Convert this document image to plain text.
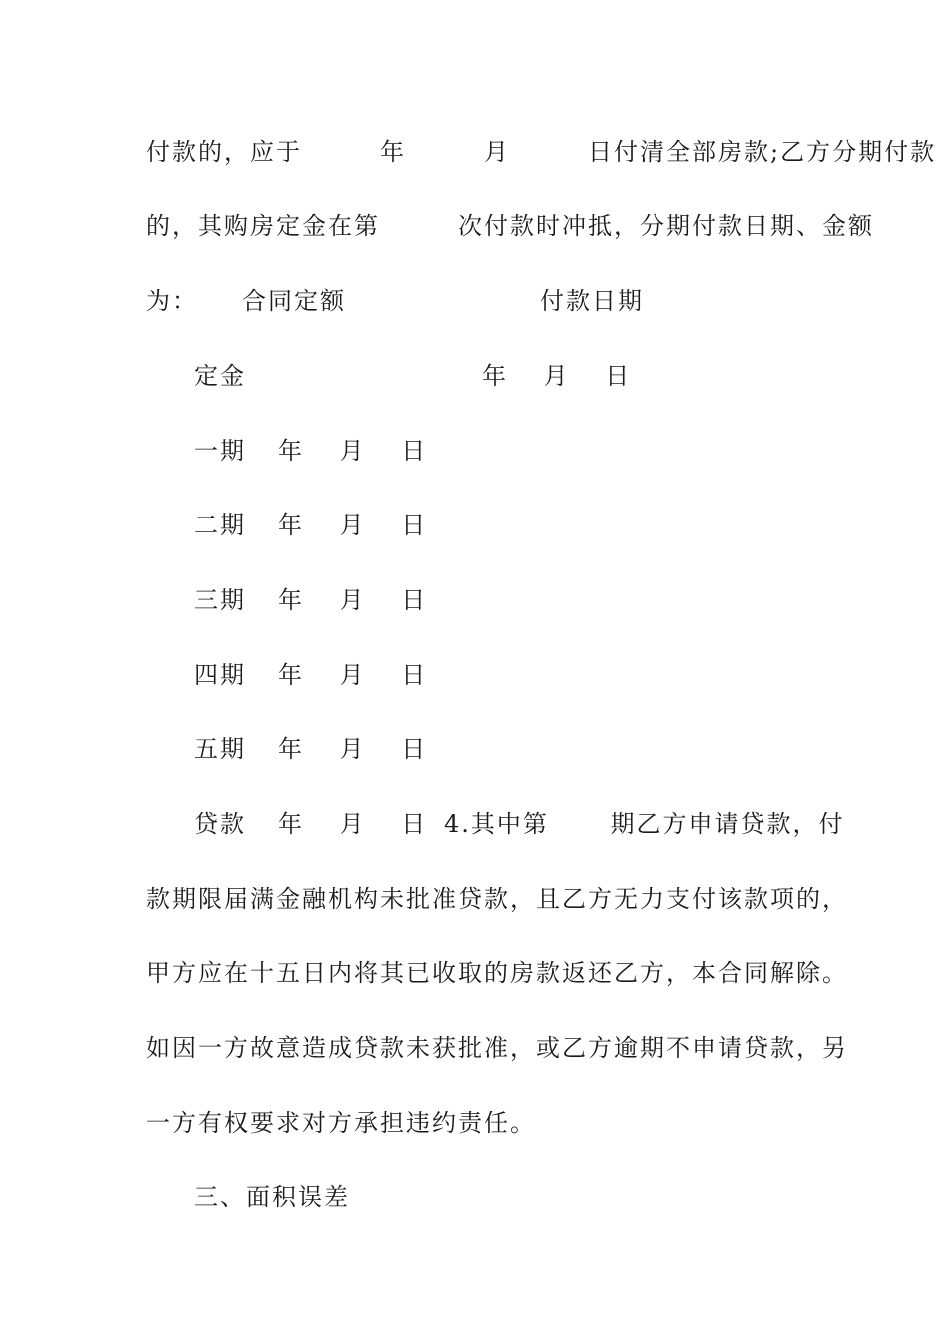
付款的，应于　　　年　　　月　　　日付清全部房款;乙方分期付款
的，其购房定金在第　　　次付款时冲抵，分期付款日期、金额

为：

合同定额

	付款日期

定金

	年　 月　 日

一期

年　 月　 日

二期

年　 月　 日

三期

年　 月　 日

四期

年　 月　 日

五期

年　 月　 日

贷款

年　 月　 日

4.其中第　　 期乙方申请贷款，付

款期限届满金融机构未批准贷款，且乙方无力支付该款项的，
甲方应在十五日内将其已收取的房款返还乙方，本合同解除。
如因一方故意造成贷款未获批准，或乙方逾期不申请贷款，另
一方有权要求对方承担违约责任。
三、面积误差
